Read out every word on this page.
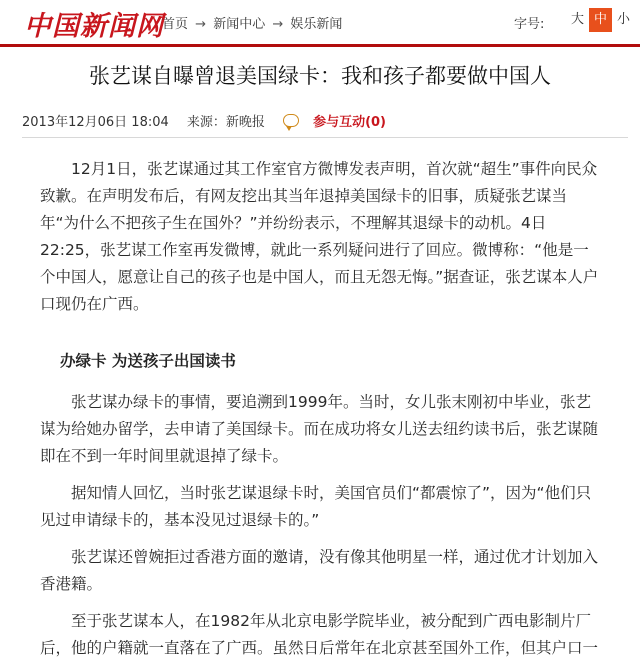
中国新闻网
首页 → 新闻中心 → 娱乐新闻	字号:	大 中 小
张艺谋自曝曾退美国绿卡：我和孩子都要做中国人
2013年12月06日 18:04 来源：新晚报	参与互动(0)

12月1日，张艺谋通过其工作室官方微博发表声明，首次就“超生”事件向民众致歉。在声明发布后，有网友挖出其当年退掉美国绿卡的旧事，质疑张艺谋当年“为什么不把孩子生在国外？”并纷纷表示，不理解其退绿卡的动机。4日22:25，张艺谋工作室再发微博，就此一系列疑问进行了回应。微博称：“他是一个中国人，愿意让自己的孩子也是中国人，而且无怨无悔。”据查证，张艺谋本人户口现仍在广西。

办绿卡 为送孩子出国读书

张艺谋办绿卡的事情，要追溯到1999年。当时，女儿张末刚初中毕业，张艺谋为给她办留学，去申请了美国绿卡。而在成功将女儿送去纽约读书后，张艺谋随即在不到一年时间里就退掉了绿卡。

据知情人回忆，当时张艺谋退绿卡时，美国官员们“都震惊了”，因为“他们只见过申请绿卡的，基本没见过退绿卡的。”

张艺谋还曾婉拒过香港方面的邀请，没有像其他明星一样，通过优才计划加入香港籍。

至于张艺谋本人，在1982年从北京电影学院毕业，被分配到广西电影制片厂后，他的户籍就一直落在了广西。虽然日后常年在北京甚至国外工作，但其户口一
